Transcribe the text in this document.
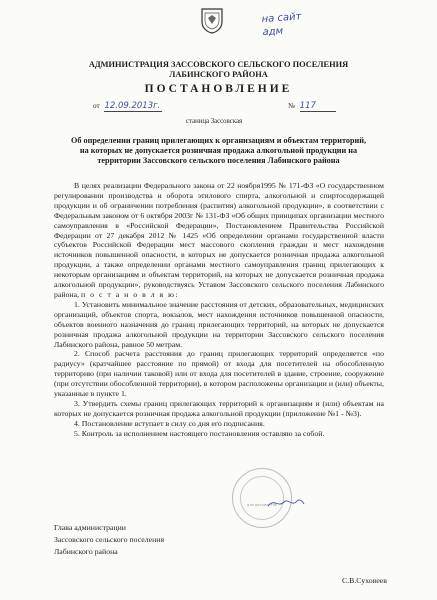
на сайт
адм
АДМИНИСТРАЦИЯ ЗАССОВСКОГО СЕЛЬСКОГО ПОСЕЛЕНИЯ
ЛАБИНСКОГО РАЙОНА
ПОСТАНОВЛЕНИЕ
от 12.09.2013г.	№ 117
станица Зассовская
Об определении границ прилегающих к организациям и объектам территорий,
на которых не допускается розничная продажа алкогольной продукции на
территории Зассовского сельского поселения Лабинского района

В целях реализации Федерального закона от 22 ноября1995 № 171-ФЗ «О государственном регулировании производства и оборота этилового спирта, алкогольной и спиртосодержащей продукции и об ограничении потребления (распития) алкогольной продукции», в соответствии с Федеральным законом от 6 октября 2003г № 131-ФЗ «Об общих принципах организации местного самоуправления в «Российской Федерации», Постановлением Правительства Российской Федерации от 27 декабря 2012 № 1425 «Об определении органами государственной власти субъектов Российской Федерации мест массового скопления граждан и мест нахождения источников повышенной опасности, в которых не допускается розничная продажа алкогольной продукции, а также определении органами местного самоуправления границ прилегающих к некоторым организациям и объектам территорий, на которых не допускается розничная продажа алкогольной продукции», руководствуясь Уставом Зассовского сельского поселения Лабинского района, п о с т а н о в л я ю:

1. Установить минимальное значение расстояния от детских, образовательных, медицинских организаций, объектов спорта, вокзалов, мест нахождения источников повышенной опасности, объектов военного назначения до границ прилегающих территорий, на которых не допускается розничная продажа алкогольной продукции на территории Зассовского сельского поселения Лабинского района, равное 50 метрам.

2. Способ расчета расстояния до границ прилегающих территорий определяется «по радиусу» (кратчайшее расстояние по прямой) от входа для посетителей на обособленную территорию (при наличии таковой) или от входа для посетителей в здание, строение, сооружение (при отсутствии обособленной территории), в котором расположены организации и (или) объекты, указанные в пункте 1.

3. Утвердить схемы границ прилегающих территорий к организациям и (или) объектам на которых не допускается розничная продажа алкогольной продукции (приложение №1 - №3).

4. Постановление вступает в силу со дня его подписания.

5. Контроль за исполнением настоящего постановления оставляю за собой.

для документов
Глава администрации
Зассовского сельского поселения
Лабинского района
С.В.Суховеев
